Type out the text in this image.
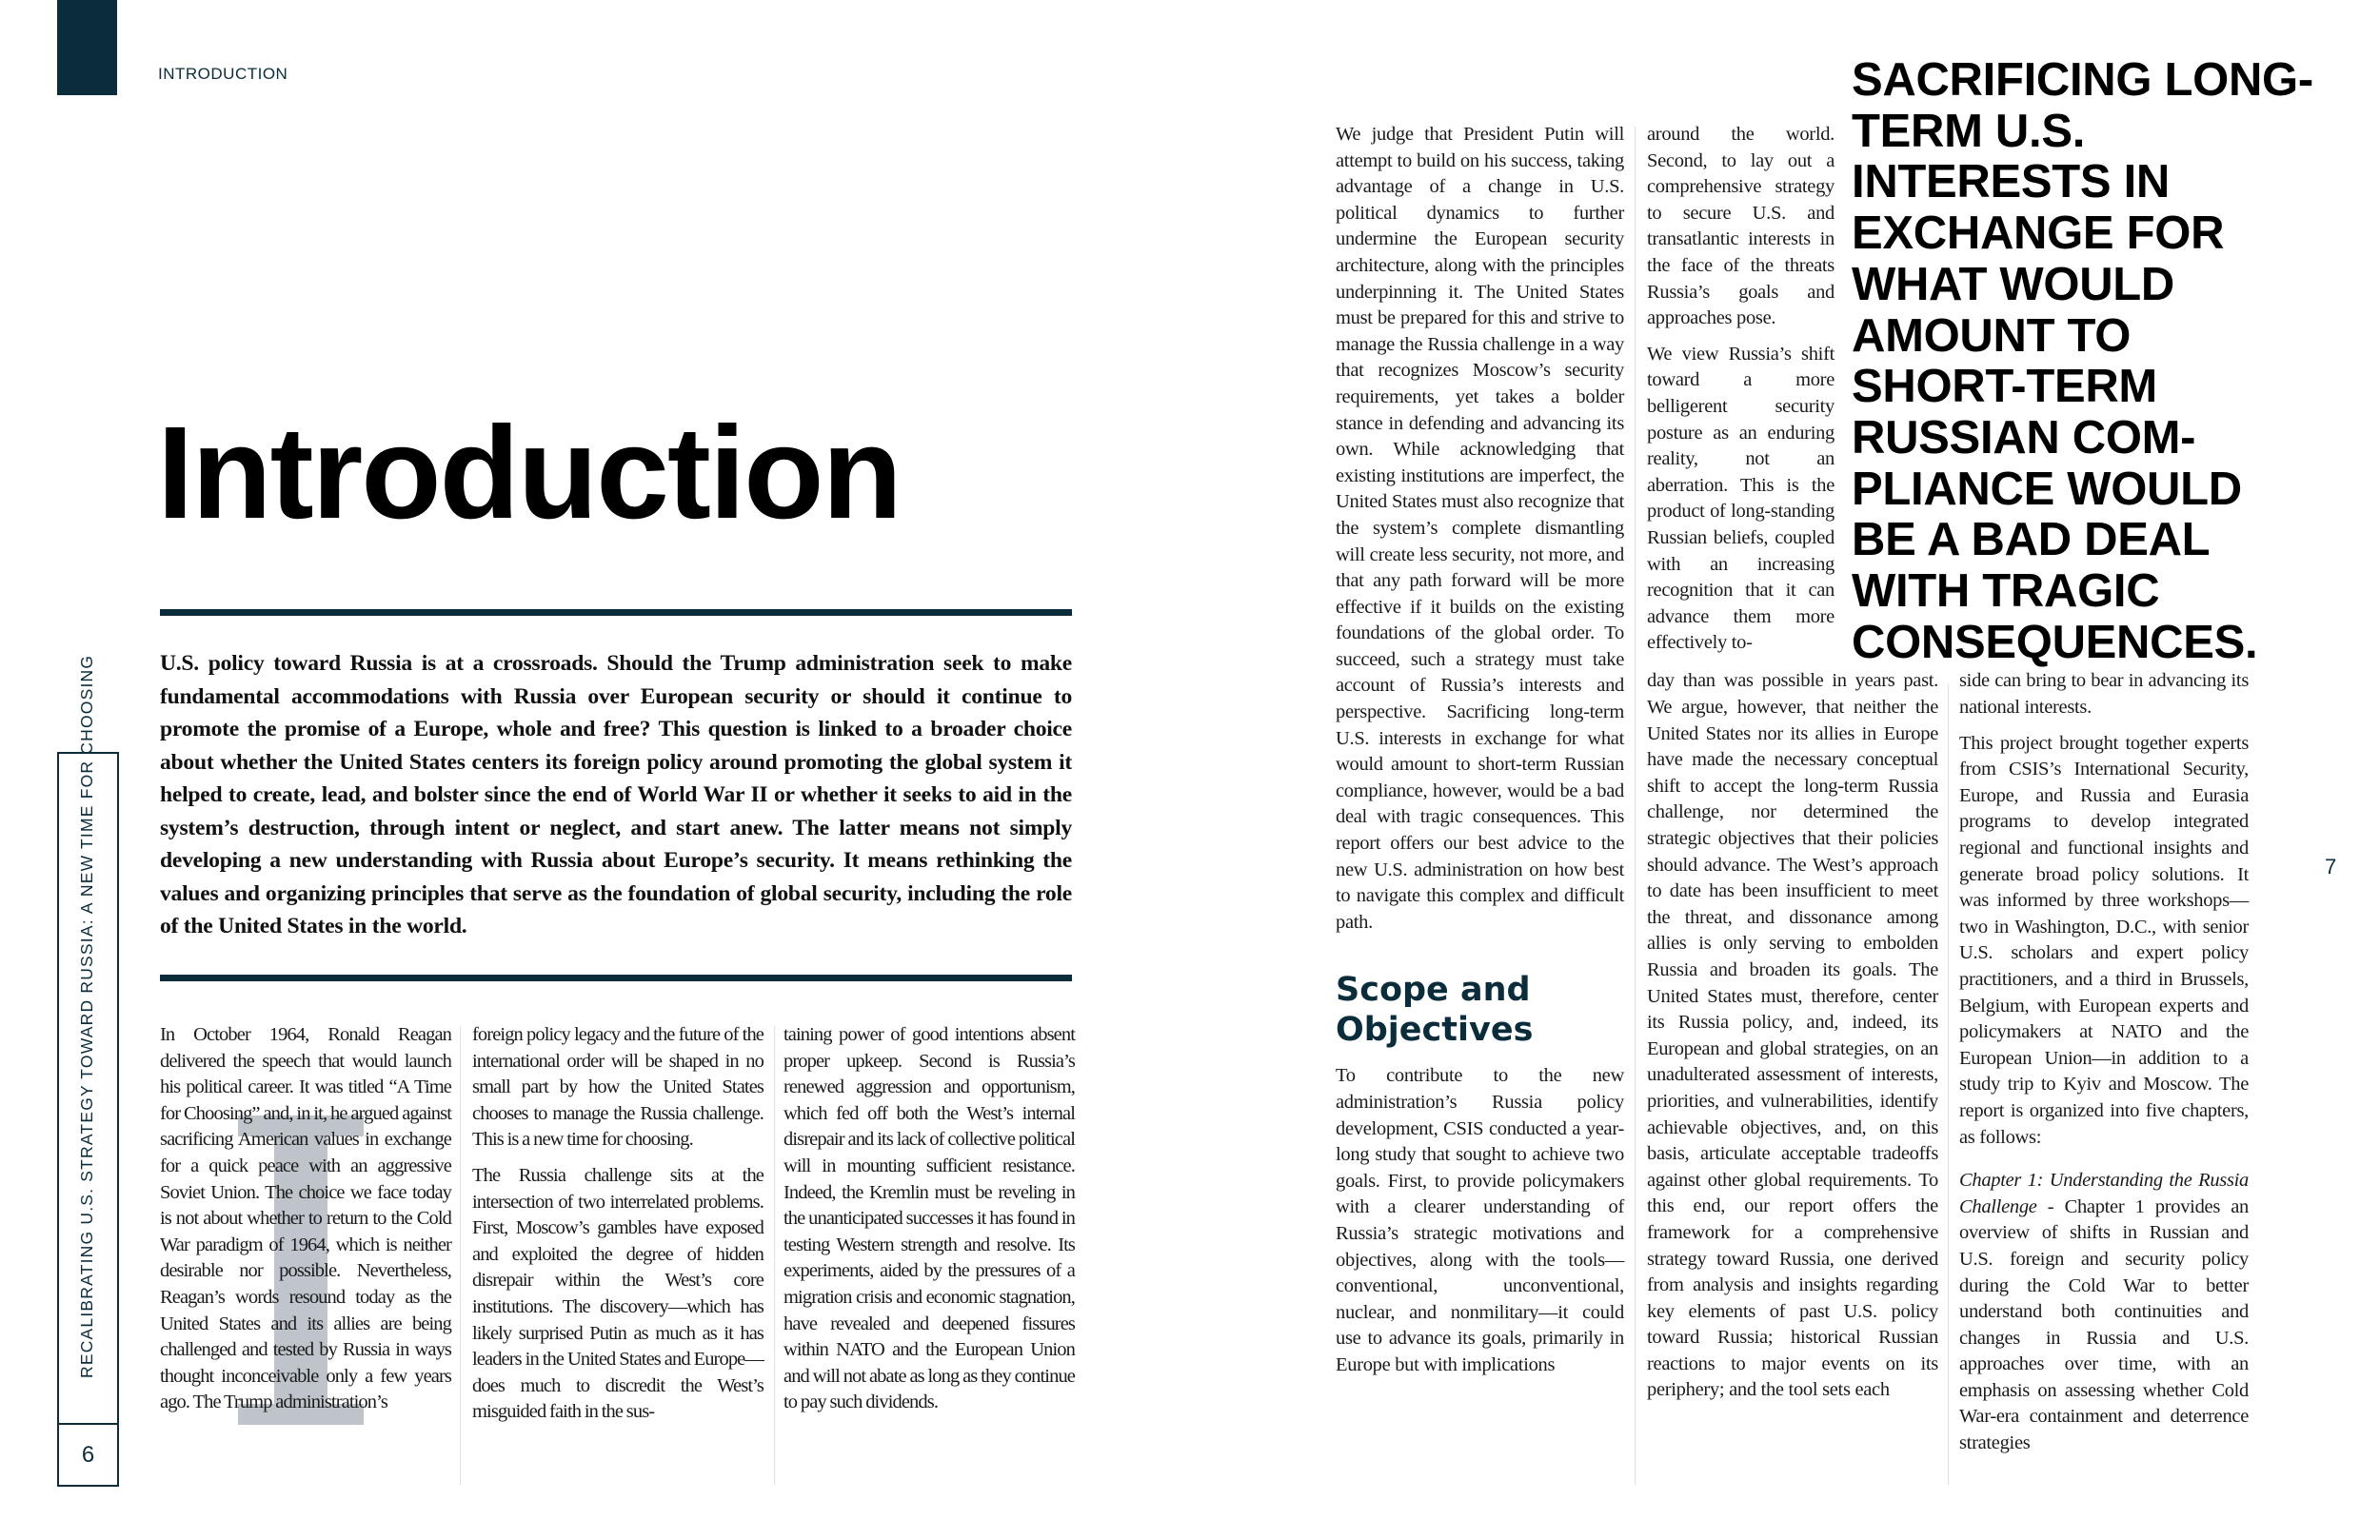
INTRODUCTION
Introduction
U.S. policy toward Russia is at a crossroads. Should the Trump administration seek to make fundamental accommodations with Russia over European security or should it continue to promote the promise of a Europe, whole and free? This question is linked to a broader choice about whether the United States centers its foreign policy around promoting the global system it helped to create, lead, and bolster since the end of World War II or whether it seeks to aid in the system’s destruction, through intent or neglect, and start anew. The latter means not simply developing a new understanding with Russia about Europe’s security. It means rethinking the values and organizing principles that serve as the foundation of global security, including the role of the United States in the world.

In October 1964, Ronald Reagan delivered the speech that would launch his political career. It was titled “A Time for Choosing” and, in it, he argued against sacrificing American values in exchange for a quick peace with an aggressive Soviet Union. The choice we face today is not about whether to return to the Cold War paradigm of 1964, which is neither desirable nor possible. Nevertheless, Reagan’s words resound today as the United States and its allies are being challenged and tested by Russia in ways thought inconceivable only a few years ago. The Trump administration’s

foreign policy legacy and the future of the international order will be shaped in no small part by how the United States chooses to manage the Russia challenge. This is a new time for choosing.

The Russia challenge sits at the intersection of two interrelated problems. First, Moscow’s gambles have exposed and exploited the degree of hidden disrepair within the West’s core institutions. The discovery—which has likely surprised Putin as much as it has leaders in the United States and Europe—does much to discredit the West’s misguided faith in the sus-

taining power of good intentions absent proper upkeep. Second is Russia’s renewed aggression and opportunism, which fed off both the West’s internal disrepair and its lack of collective political will in mounting sufficient resistance. Indeed, the Kremlin must be reveling in the unanticipated successes it has found in testing Western strength and resolve. Its experiments, aided by the pressures of a migration crisis and economic stagnation, have revealed and deepened fissures within NATO and the European Union and will not abate as long as they continue to pay such dividends.

RECALIBRATING U.S. STRATEGY TOWARD RUSSIA: A NEW TIME FOR CHOOSING
6

We judge that President Putin will attempt to build on his success, taking advantage of a change in U.S. political dynamics to further undermine the European security architecture, along with the principles underpinning it. The United States must be prepared for this and strive to manage the Russia challenge in a way that recognizes Moscow’s security requirements, yet takes a bolder stance in defending and advancing its own. While acknowledging that existing institutions are imperfect, the United States must also recognize that the system’s complete dismantling will create less security, not more, and that any path forward will be more effective if it builds on the existing foundations of the global order. To succeed, such a strategy must take account of Russia’s interests and perspective. Sacrificing long-term U.S. interests in exchange for what would amount to short-term Russian compliance, however, would be a bad deal with tragic consequences. This report offers our best advice to the new U.S. administration on how best to navigate this complex and difficult path.

Scope and Objectives

To contribute to the new administration’s Russia policy development, CSIS conducted a year-long study that sought to achieve two goals. First, to provide policymakers with a clearer understanding of Russia’s strategic motivations and objectives, along with the tools—conventional, unconventional, nuclear, and nonmilitary—it could use to advance its goals, primarily in Europe but with implications

around the world. Second, to lay out a comprehensive strategy to secure U.S. and transatlantic interests in the face of the threats Russia’s goals and approaches pose.

We view Russia’s shift toward a more belligerent security posture as an enduring reality, not an aberration. This is the product of long-standing Russian beliefs, coupled with an increasing recognition that it can advance them more effectively to-

SACRIFICING LONG-TERM U.S. INTERESTS IN EXCHANGE FOR WHAT WOULD AMOUNT TO SHORT-TERM RUSSIAN COMPLIANCE WOULD BE A BAD DEAL WITH TRAGIC CONSEQUENCES.

day than was possible in years past. We argue, however, that neither the United States nor its allies in Europe have made the necessary conceptual shift to accept the long-term Russia challenge, nor determined the strategic objectives that their policies should advance. The West’s approach to date has been insufficient to meet the threat, and dissonance among allies is only serving to embolden Russia and broaden its goals. The United States must, therefore, center its Russia policy, and, indeed, its European and global strategies, on an unadulterated assessment of interests, priorities, and vulnerabilities, identify achievable objectives, and, on this basis, articulate acceptable tradeoffs against other global requirements. To this end, our report offers the framework for a comprehensive strategy toward Russia, one derived from analysis and insights regarding key elements of past U.S. policy toward Russia; historical Russian reactions to major events on its periphery; and the tool sets each

side can bring to bear in advancing its national interests.

This project brought together experts from CSIS’s International Security, Europe, and Russia and Eurasia programs to develop integrated regional and functional insights and generate broad policy solutions. It was informed by three workshops—two in Washington, D.C., with senior U.S. scholars and expert policy practitioners, and a third in Brussels, Belgium, with European experts and policymakers at NATO and the European Union—in addition to a study trip to Kyiv and Moscow. The report is organized into five chapters, as follows:

Chapter 1: Understanding the Russia Challenge - Chapter 1 provides an overview of shifts in Russian and U.S. foreign and security policy during the Cold War to better understand both continuities and changes in Russia and U.S. approaches over time, with an emphasis on assessing whether Cold War-era containment and deterrence strategies

7
